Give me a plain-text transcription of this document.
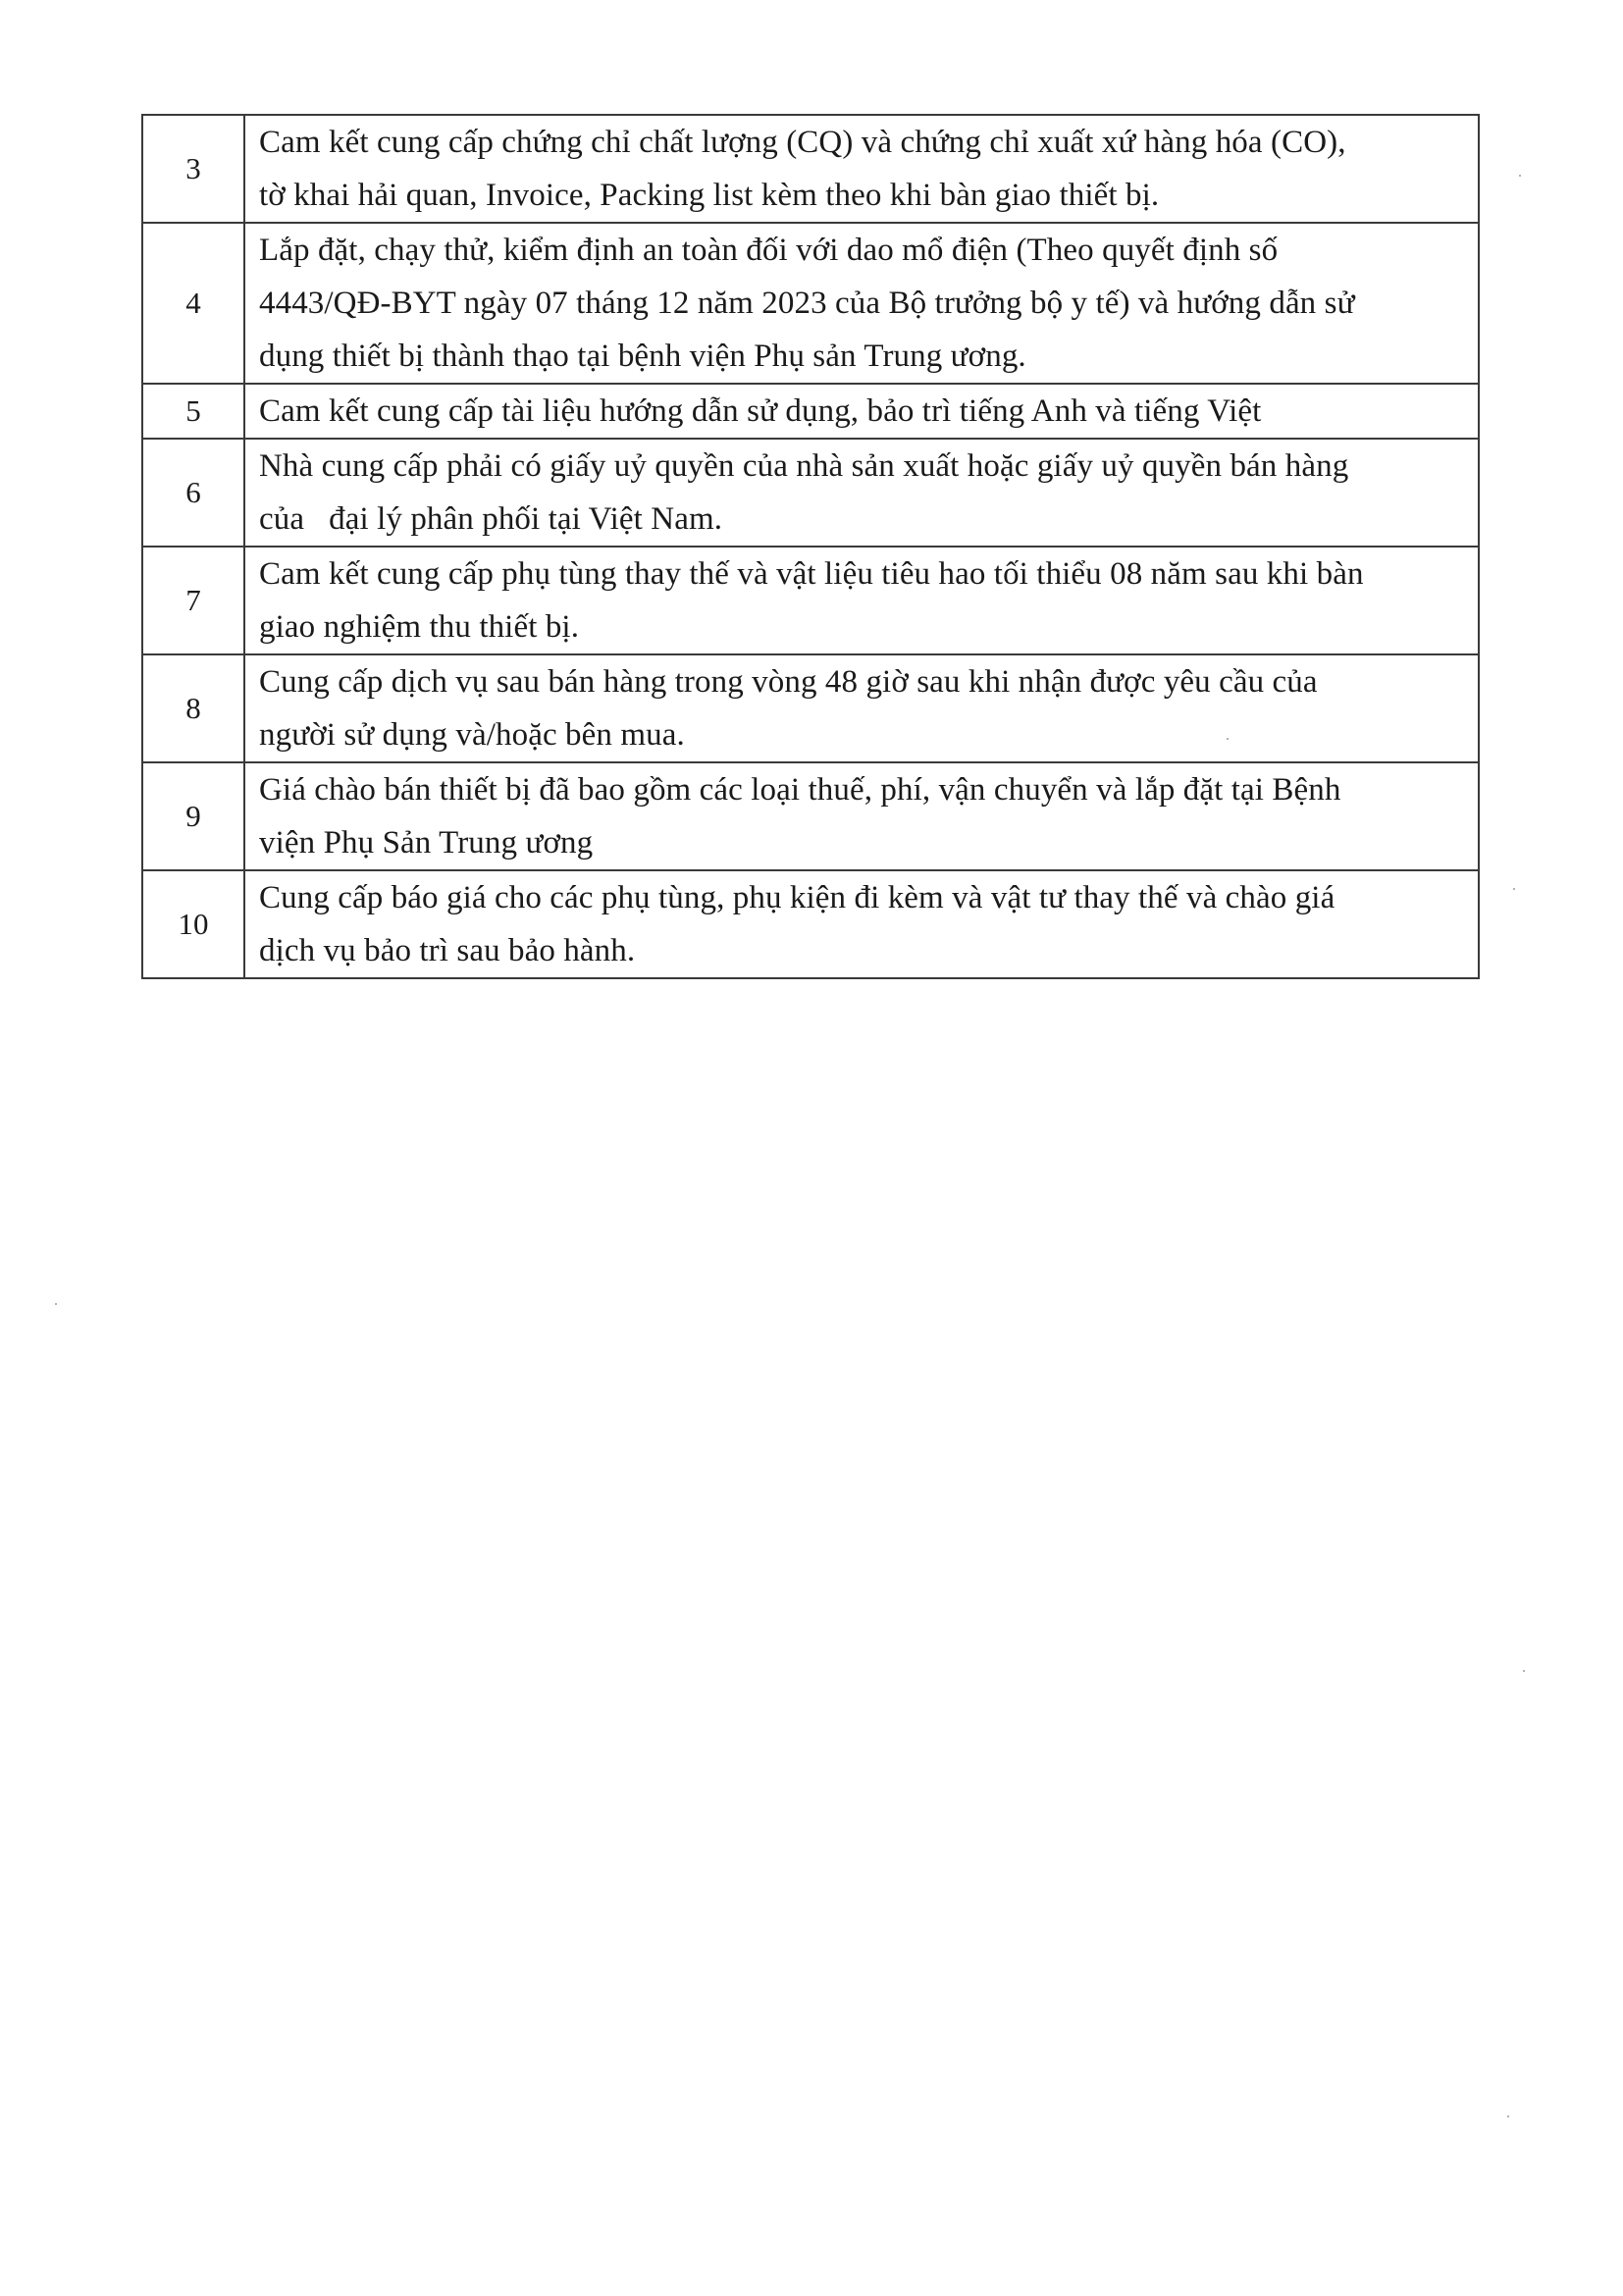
3	Cam kết cung cấp chứng chỉ chất lượng (CQ) và chứng chỉ xuất xứ hàng hóa (CO),
tờ khai hải quan, Invoice, Packing list kèm theo khi bàn giao thiết bị.

4	Lắp đặt, chạy thử, kiểm định an toàn đối với dao mổ điện (Theo quyết định số
4443/QĐ-BYT ngày 07 tháng 12 năm 2023 của Bộ trưởng bộ y tế) và hướng dẫn sử
dụng thiết bị thành thạo tại bệnh viện Phụ sản Trung ương.

5	Cam kết cung cấp tài liệu hướng dẫn sử dụng, bảo trì tiếng Anh và tiếng Việt

6	Nhà cung cấp phải có giấy uỷ quyền của nhà sản xuất hoặc giấy uỷ quyền bán hàng
của   đại lý phân phối tại Việt Nam.

7	Cam kết cung cấp phụ tùng thay thế và vật liệu tiêu hao tối thiểu 08 năm sau khi bàn
giao nghiệm thu thiết bị.

8	Cung cấp dịch vụ sau bán hàng trong vòng 48 giờ sau khi nhận được yêu cầu của
người sử dụng và/hoặc bên mua.

9	Giá chào bán thiết bị đã bao gồm các loại thuế, phí, vận chuyển và lắp đặt tại Bệnh
viện Phụ Sản Trung ương

10	Cung cấp báo giá cho các phụ tùng, phụ kiện đi kèm và vật tư thay thế và chào giá
dịch vụ bảo trì sau bảo hành.
